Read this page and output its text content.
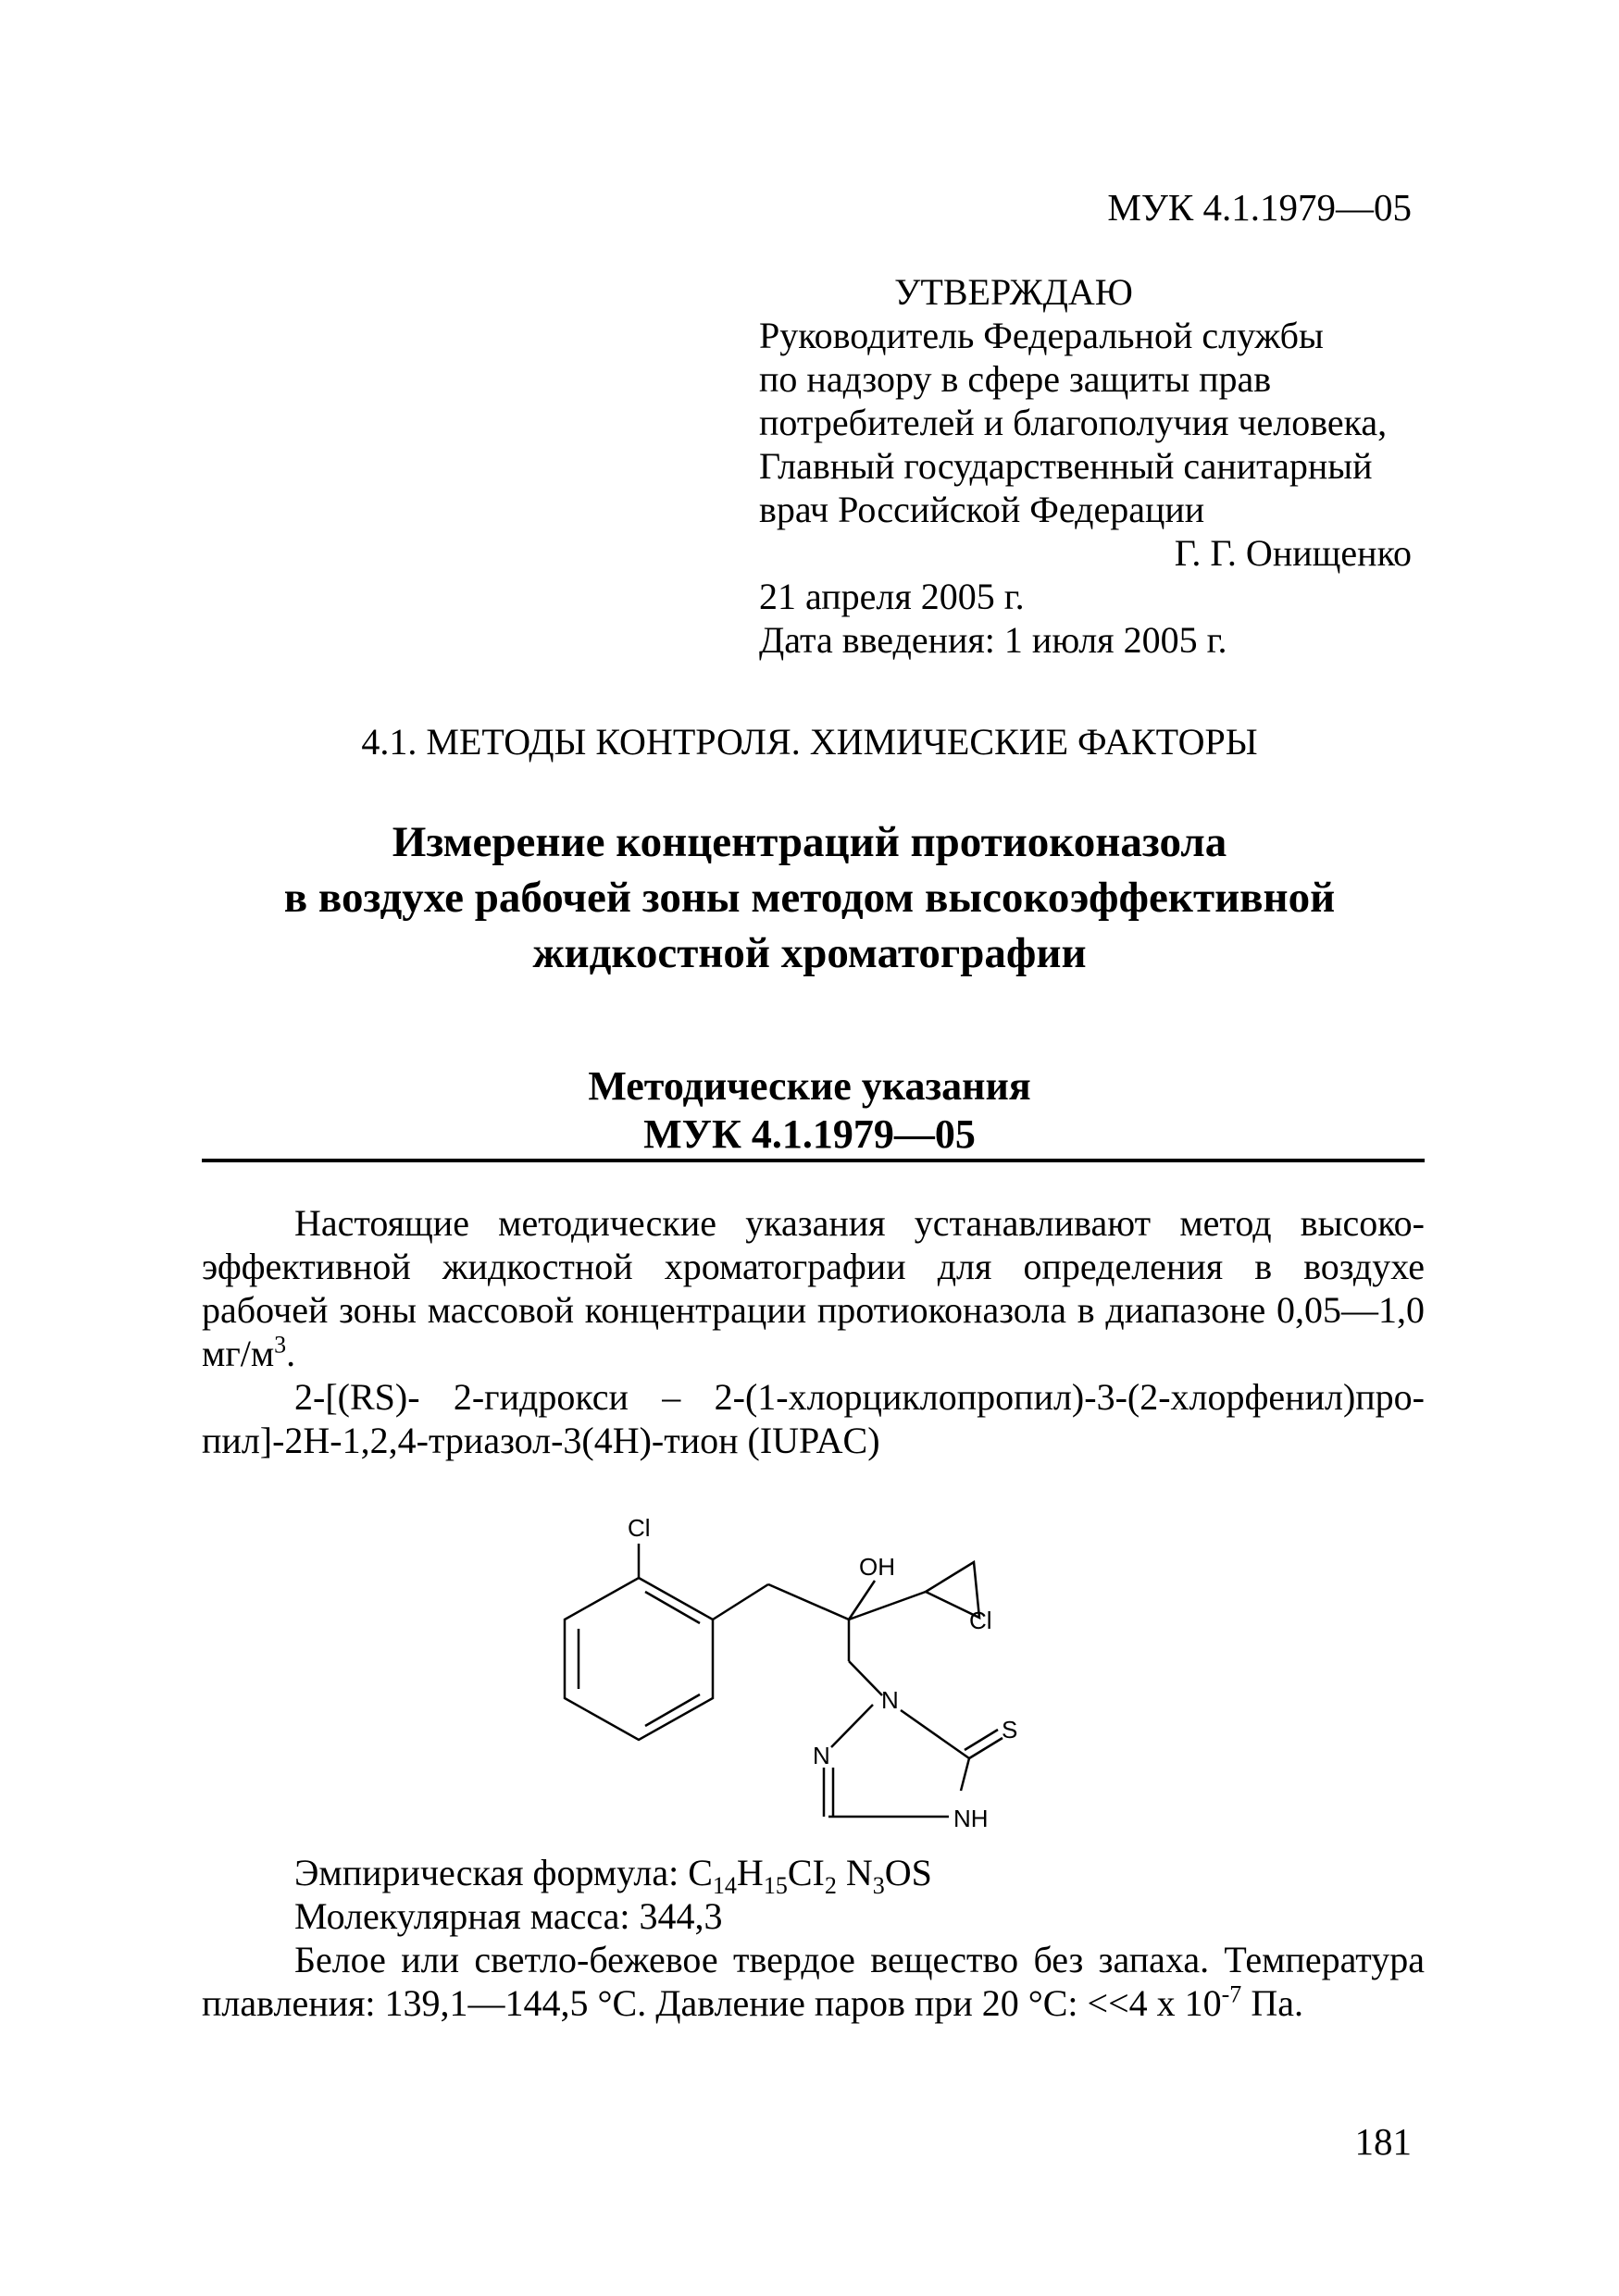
МУК 4.1.1979—05
УТВЕРЖДАЮ
Руководитель Федеральной службы
по надзору в сфере защиты прав
потребителей и благополучия человека,
Главный государственный санитарный
врач Российской Федерации
Г. Г. Онищенко
21 апреля 2005 г.
Дата введения: 1 июля 2005 г.
4.1. МЕТОДЫ КОНТРОЛЯ. ХИМИЧЕСКИЕ ФАКТОРЫ
Измерение концентраций протиоконазола
в воздухе рабочей зоны методом высокоэффективной
жидкостной хроматографии
Методические указания
МУК 4.1.1979—05
Настоящие методические указания устанавливают метод высоко-эффективной жидкостной хроматографии для определения в воздухе рабочей зоны массовой концентрации протиоконазола в диапазоне 0,05—1,0 $мг/м^3$.
2-[(RS)- 2-гидрокси – 2-(1-хлорциклопропил)-3-(2-хлорфенил)про-пил]-2Н-1,2,4-триазол-3(4Н)-тион (IUPAC)
Cl
OH
Cl
N
N
S
NH
Эмпирическая формула: $C_{14}H_{15}CI_2$ $N_3OS$
Молекулярная масса: 344,3
Белое или светло-бежевое твердое вещество без запаха. Температура плавления: 139,1—144,5 °С. Давление паров при 20 °С: <<4 х $10^{-7}$ Па.
181
